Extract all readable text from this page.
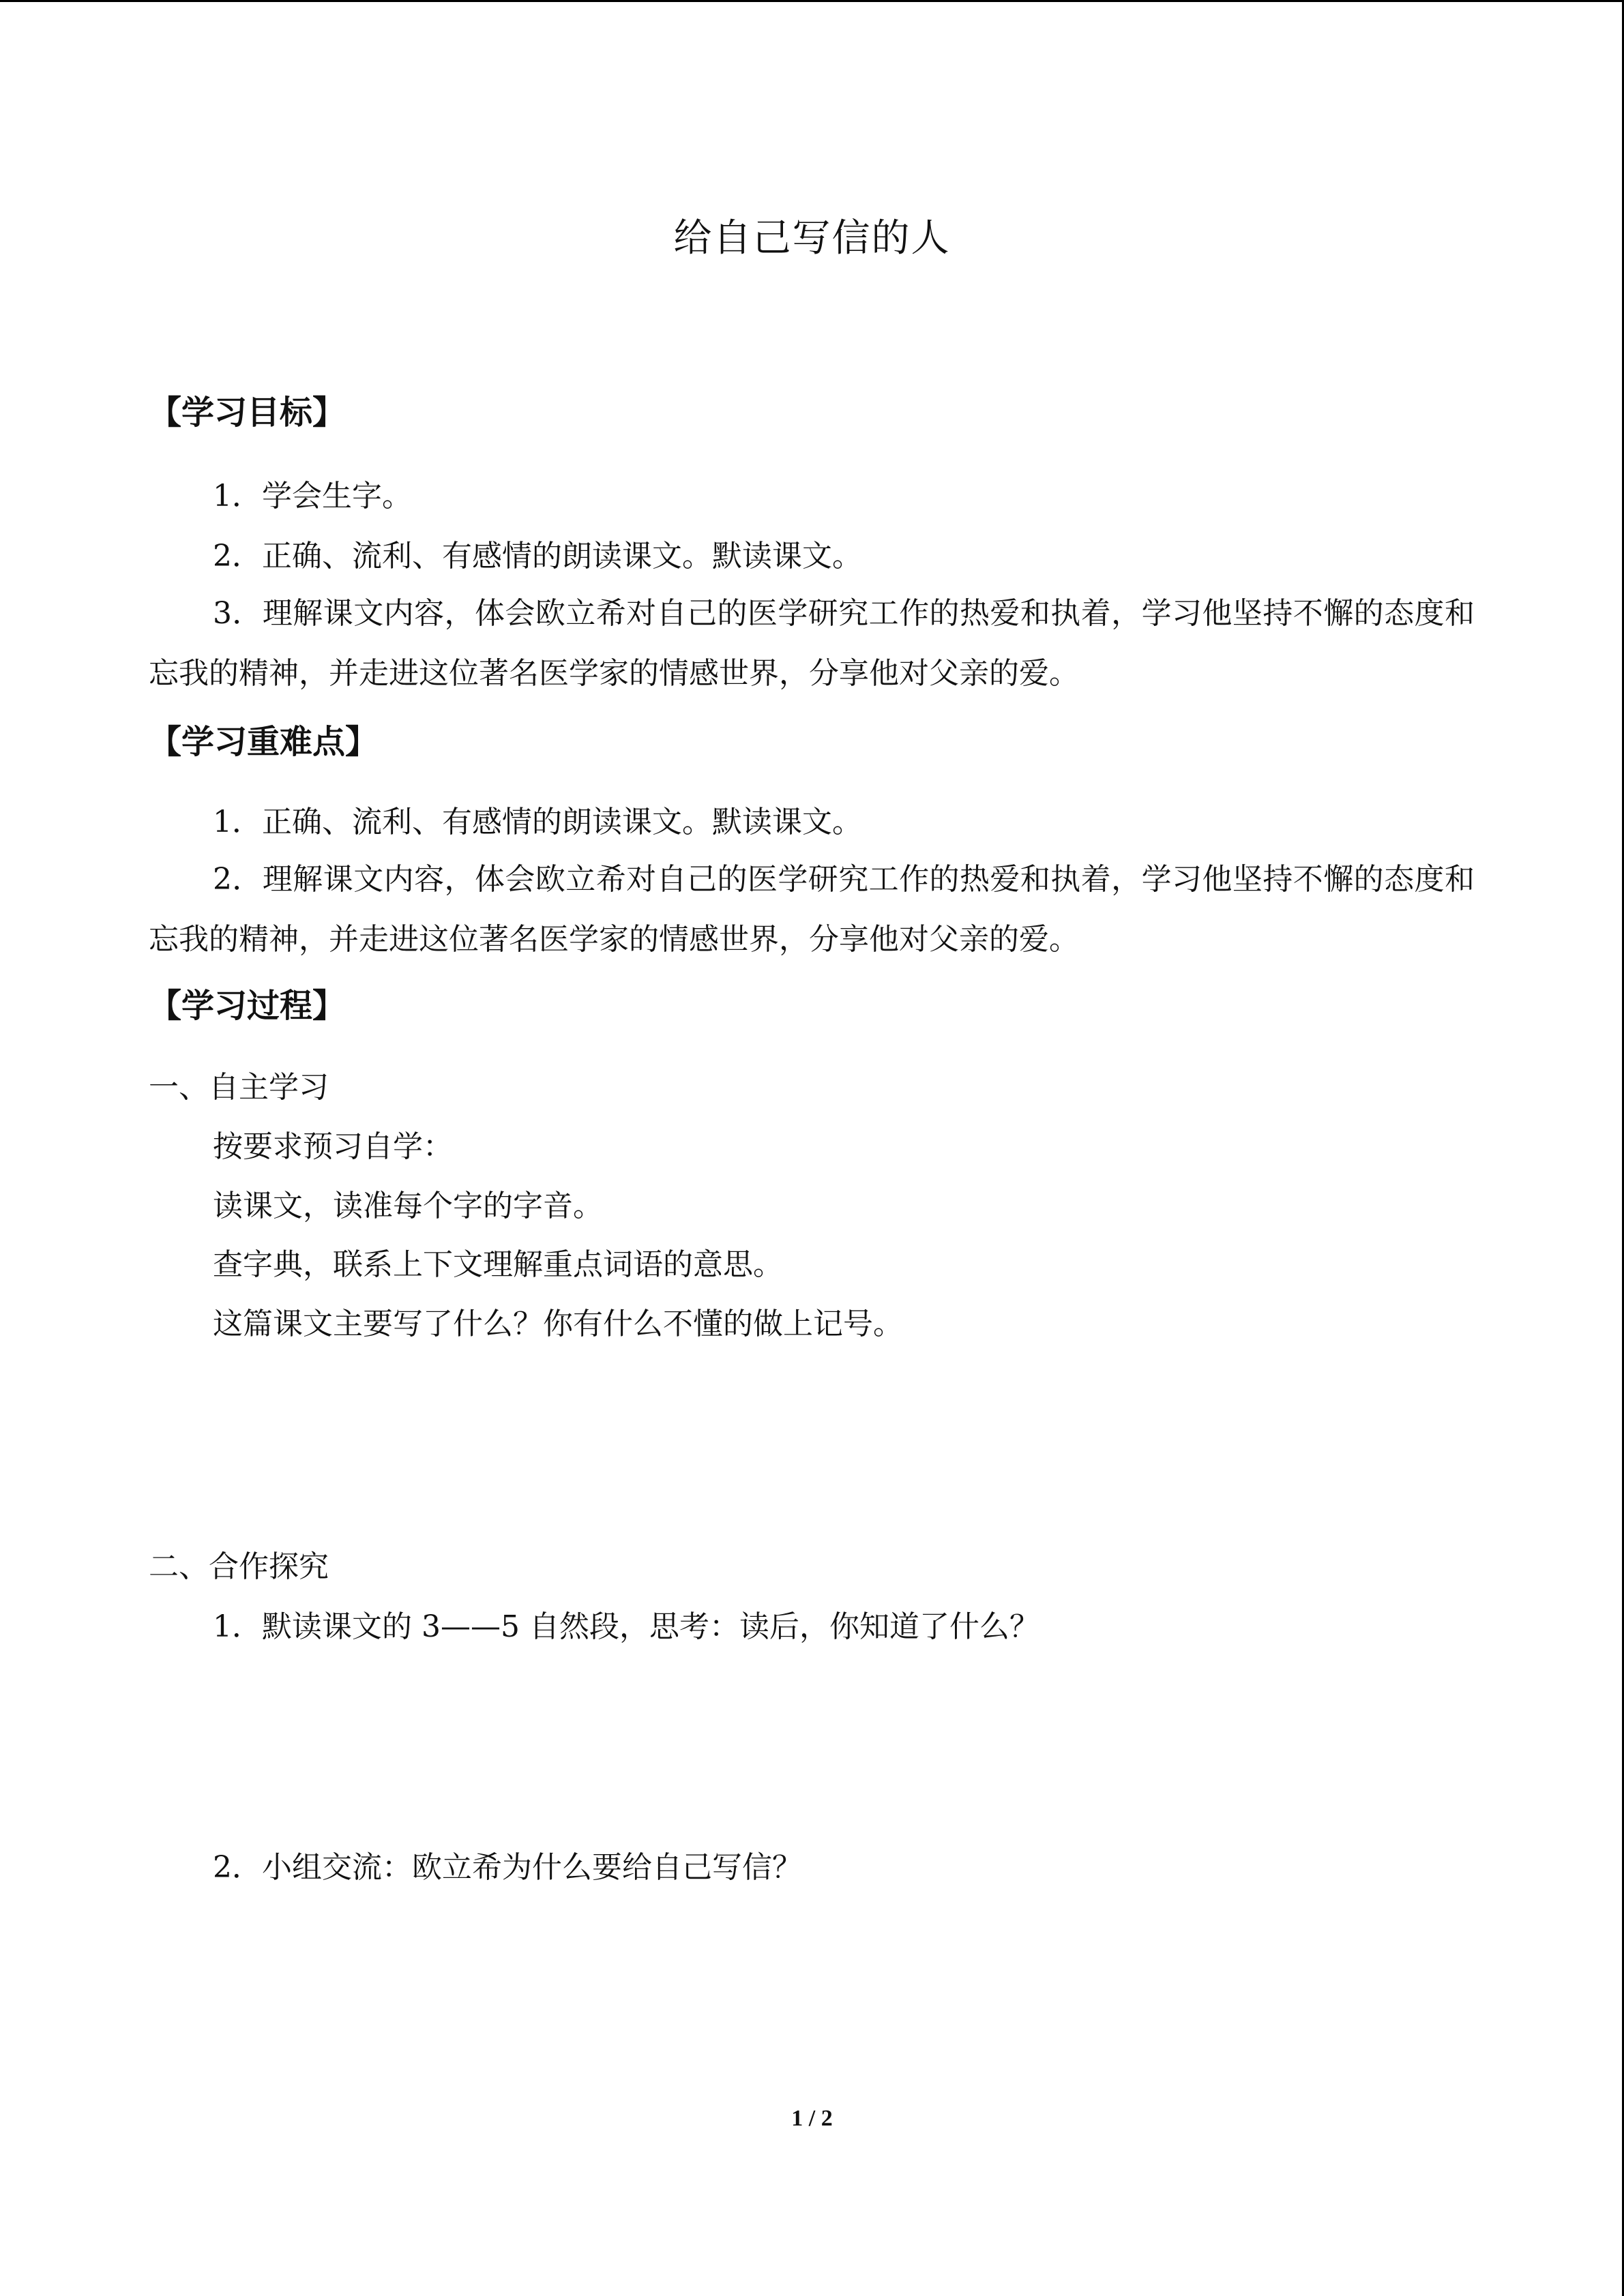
给自己写信的人
【学习目标】
1．学会生字。
2．正确、流利、有感情的朗读课文。默读课文。

3．理解课文内容，体会欧立希对自己的医学研究工作的热爱和执着，学习他坚持不懈的态度和忘我的精神，并走进这位著名医学家的情感世界，分享他对父亲的爱。

【学习重难点】
1．正确、流利、有感情的朗读课文。默读课文。

2．理解课文内容，体会欧立希对自己的医学研究工作的热爱和执着，学习他坚持不懈的态度和忘我的精神，并走进这位著名医学家的情感世界，分享他对父亲的爱。

【学习过程】
一、自主学习
按要求预习自学：
读课文，读准每个字的字音。
查字典，联系上下文理解重点词语的意思。
这篇课文主要写了什么？你有什么不懂的做上记号。
二、合作探究
1．默读课文的 3——5 自然段，思考：读后，你知道了什么？
2．小组交流：欧立希为什么要给自己写信？
1 / 2
